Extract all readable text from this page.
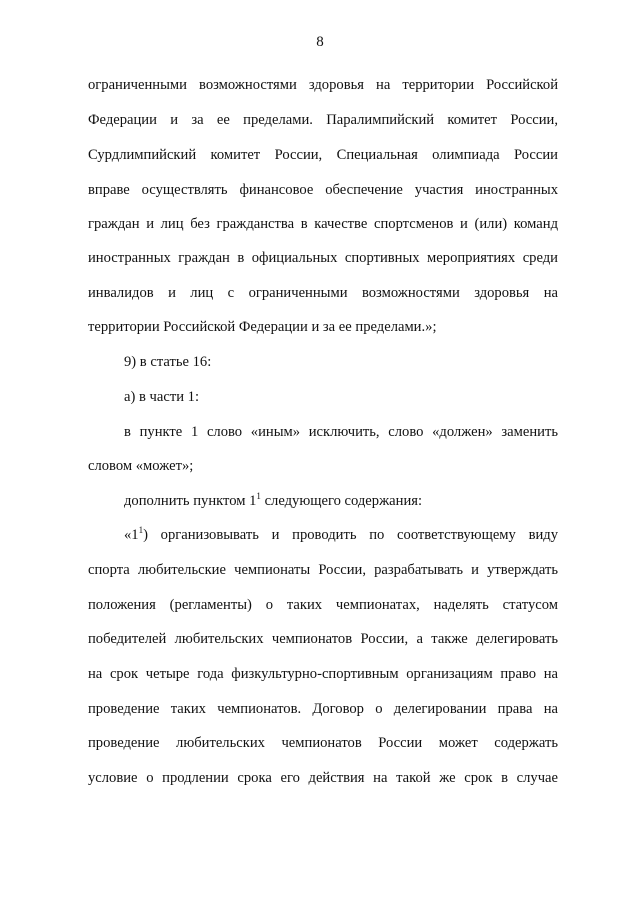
8
ограниченными возможностями здоровья на территории Российской
Федерации и за ее пределами. Паралимпийский комитет России,
Сурдлимпийский комитет России, Специальная олимпиада России
вправе осуществлять финансовое обеспечение участия иностранных
граждан и лиц без гражданства в качестве спортсменов и (или) команд
иностранных граждан в официальных спортивных мероприятиях среди
инвалидов и лиц с ограниченными возможностями здоровья на
территории Российской Федерации и за ее пределами.»;
9) в статье 16:
а) в части 1:
в пункте 1 слово «иным» исключить, слово «должен» заменить
словом «может»;
дополнить пунктом $1^1$ следующего содержания:
«$1^1$) организовывать и проводить по соответствующему виду
спорта любительские чемпионаты России, разрабатывать и утверждать
положения (регламенты) о таких чемпионатах, наделять статусом
победителей любительских чемпионатов России, а также делегировать
на срок четыре года физкультурно-спортивным организациям право на
проведение таких чемпионатов. Договор о делегировании права на
проведение любительских чемпионатов России может содержать
условие о продлении срока его действия на такой же срок в случае
